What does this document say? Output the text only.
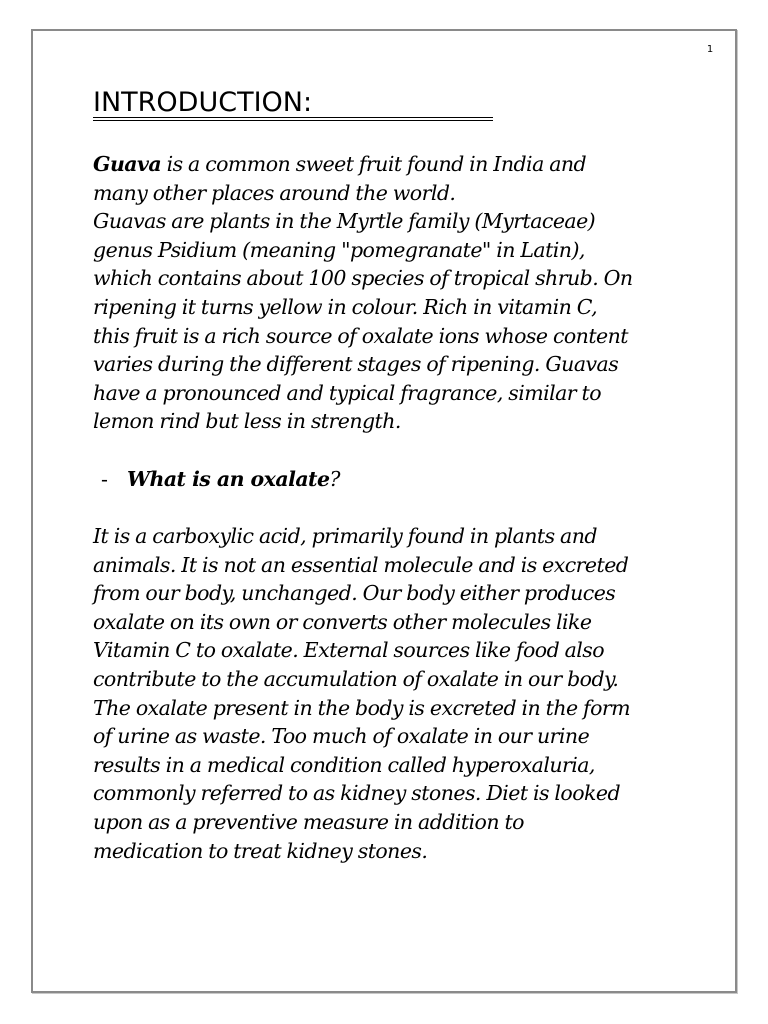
1
INTRODUCTION:
Guava is a common sweet fruit found in India and
many other places around the world.
Guavas are plants in the Myrtle family (Myrtaceae)
genus Psidium (meaning "pomegranate" in Latin),
which contains about 100 species of tropical shrub. On
ripening it turns yellow in colour. Rich in vitamin C,
this fruit is a rich source of oxalate ions whose content
varies during the different stages of ripening. Guavas
have a pronounced and typical fragrance, similar to
lemon rind but less in strength.
- What is an oxalate?
It is a carboxylic acid, primarily found in plants and
animals. It is not an essential molecule and is excreted
from our body, unchanged. Our body either produces
oxalate on its own or converts other molecules like
Vitamin C to oxalate. External sources like food also
contribute to the accumulation of oxalate in our body.
The oxalate present in the body is excreted in the form
of urine as waste. Too much of oxalate in our urine
results in a medical condition called hyperoxaluria,
commonly referred to as kidney stones. Diet is looked
upon as a preventive measure in addition to
medication to treat kidney stones.
